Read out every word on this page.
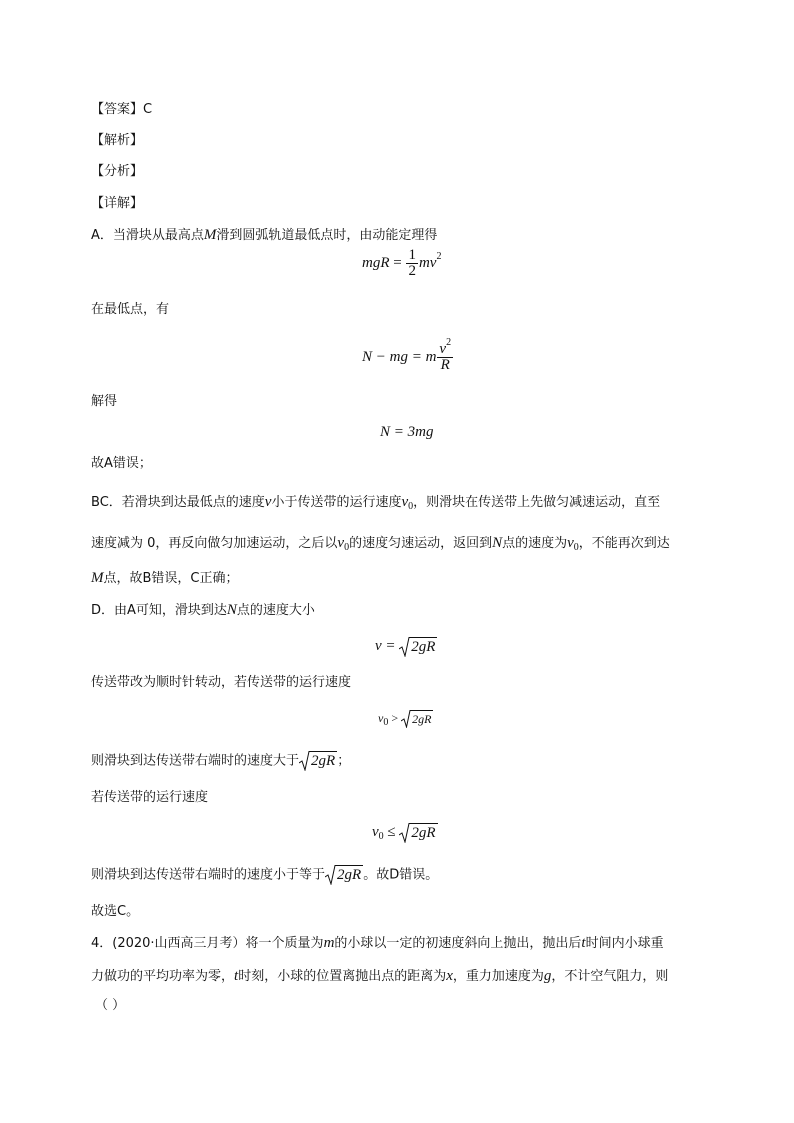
【答案】C
【解析】
【分析】
【详解】
A．当滑块从最高点M滑到圆弧轨道最低点时，由动能定理得
mgR = $\frac{1}{2} mv^2$
在最低点，有
N − mg = m $\frac{v^2}{R}$
解得
N = 3mg
故A错误；
BC．若滑块到达最低点的速度v小于传送带的运行速度$v_0$，则滑块在传送带上先做匀减速运动，直至
速度减为 0，再反向做匀加速运动，之后以$v_0$的速度匀速运动，返回到N点的速度为$v_0$，不能再次到达
M点，故B错误，C正确；
D．由A可知，滑块到达N点的速度大小
v = 2gR
传送带改为顺时针转动，若传送带的运行速度
$v_0 > 2gR$
则滑块到达传送带右端时的速度大于 2gR ；
若传送带的运行速度
$v_0 \le 2gR$
则滑块到达传送带右端时的速度小于等于 2gR 。故D错误。
故选C。
4．(2020·山西高三月考）将一个质量为m的小球以一定的初速度斜向上抛出，抛出后t时间内小球重
力做功的平均功率为零，t时刻，小球的位置离抛出点的距离为x，重力加速度为g，不计空气阻力，则
（ ）
